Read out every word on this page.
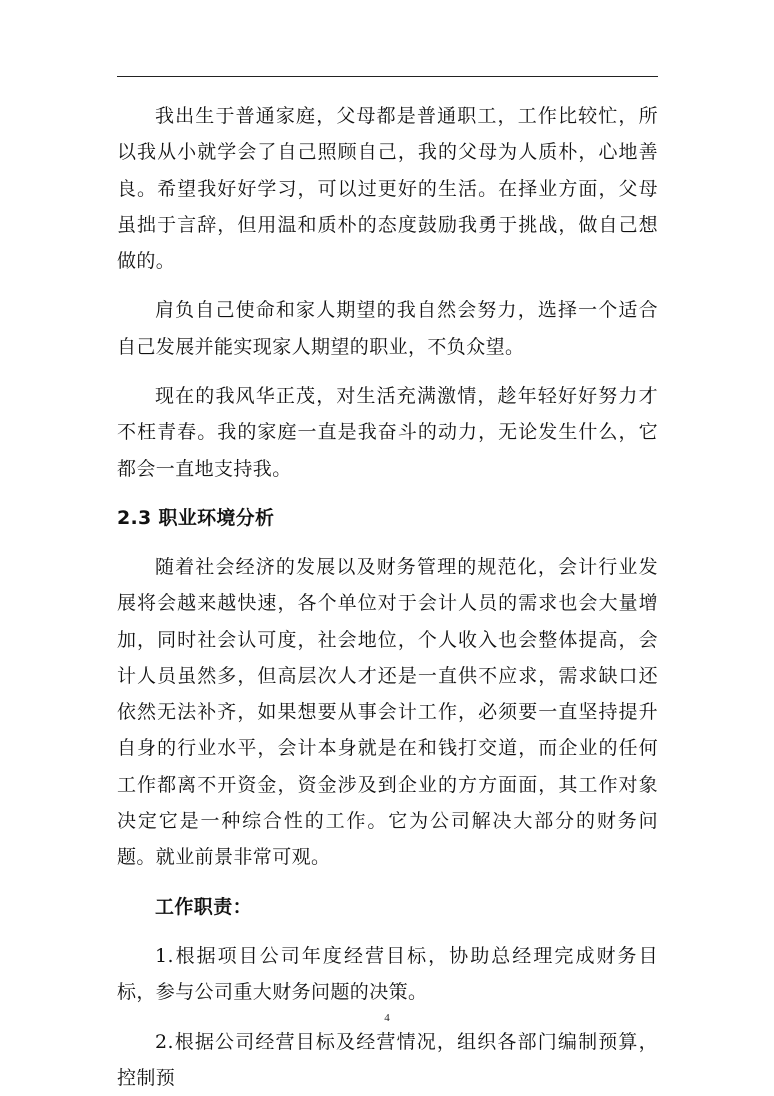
我出生于普通家庭，父母都是普通职工，工作比较忙，所以我从小就学会了自己照顾自己，我的父母为人质朴，心地善良。希望我好好学习，可以过更好的生活。在择业方面，父母虽拙于言辞，但用温和质朴的态度鼓励我勇于挑战，做自己想做的。

肩负自己使命和家人期望的我自然会努力，选择一个适合自己发展并能实现家人期望的职业，不负众望。

现在的我风华正茂，对生活充满激情，趁年轻好好努力才不枉青春。我的家庭一直是我奋斗的动力，无论发生什么，它都会一直地支持我。

2.3 职业环境分析

随着社会经济的发展以及财务管理的规范化，会计行业发展将会越来越快速，各个单位对于会计人员的需求也会大量增加，同时社会认可度，社会地位，个人收入也会整体提高，会计人员虽然多，但高层次人才还是一直供不应求，需求缺口还依然无法补齐，如果想要从事会计工作，必须要一直坚持提升自身的行业水平，会计本身就是在和钱打交道，而企业的任何工作都离不开资金，资金涉及到企业的方方面面，其工作对象决定它是一种综合性的工作。它为公司解决大部分的财务问题。就业前景非常可观。

工作职责：

1.根据项目公司年度经营目标，协助总经理完成财务目标，参与公司重大财务问题的决策。

2.根据公司经营目标及经营情况，组织各部门编制预算，控制预

4
